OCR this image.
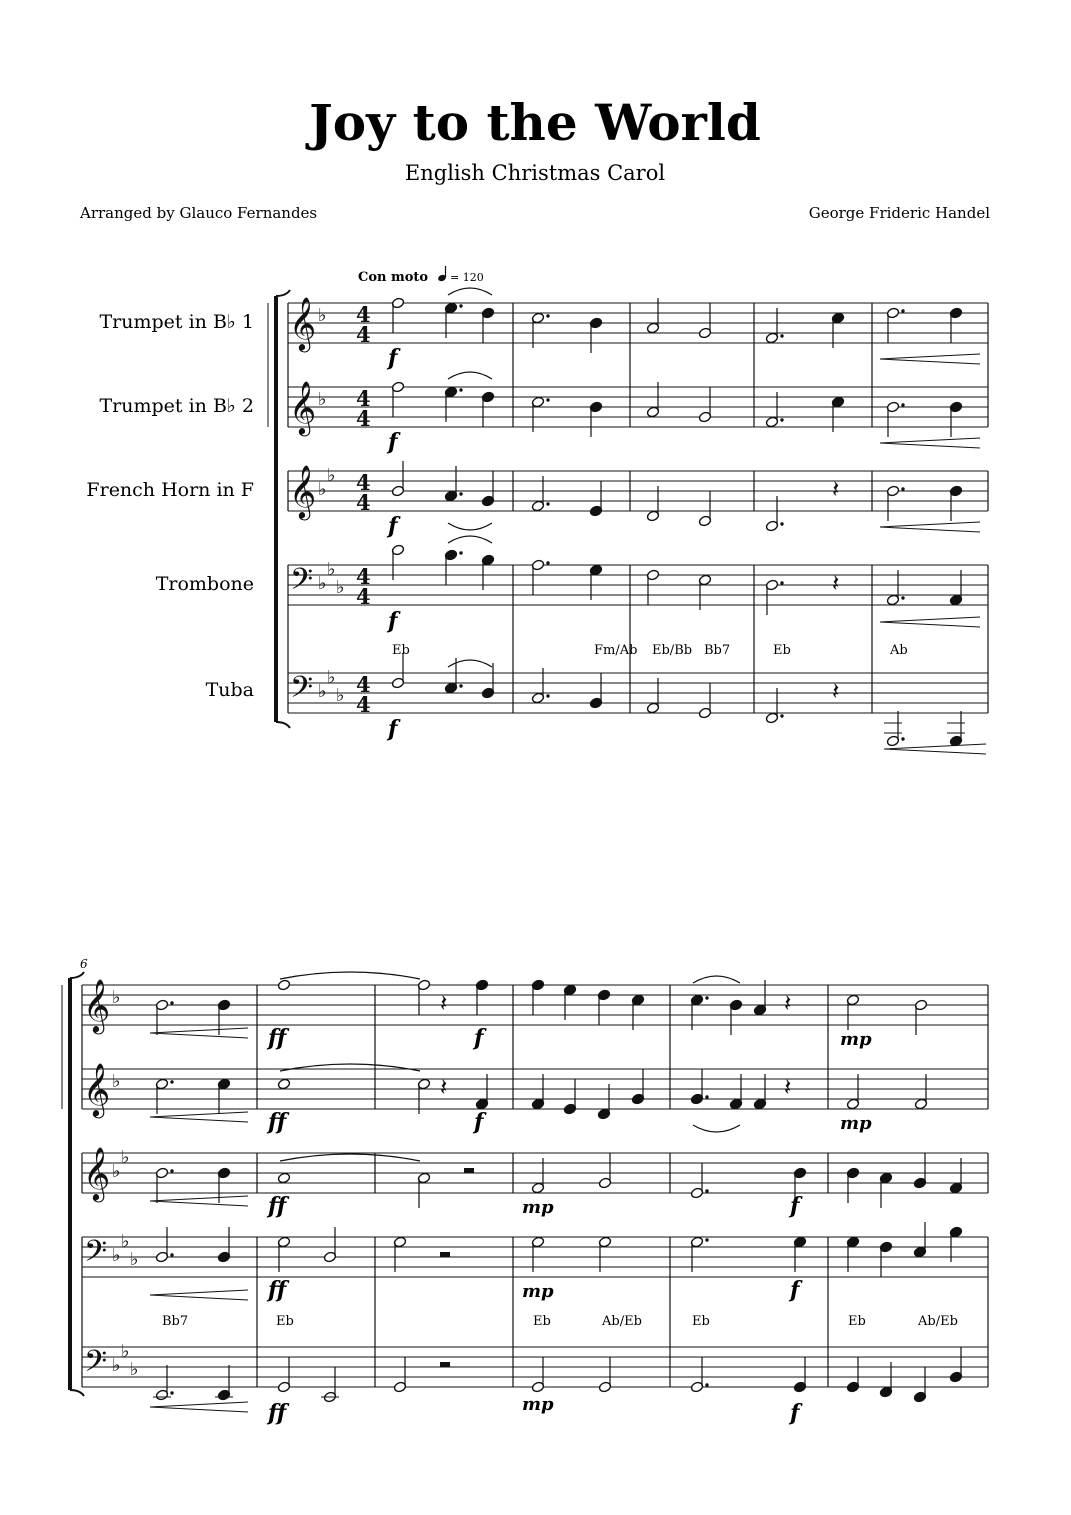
Joy to the World
English Christmas Carol
Arranged by Glauco Fernandes	George Frideric Handel
Con moto = 120
Trumpet in B♭ 1
Trumpet in B♭ 2
French Horn in F
Trombone
Tuba
6
Eb	Fm/Ab Eb/Bb Bb7	Eb	Ab
Bb7	Eb	Eb	Ab/Eb	Eb	Eb	Ab/Eb
f
f
f
f
f
ff	f	mp
ff	f	mp
ff	mp	f
ff	mp	f
ff	mp	f
𝄞 ♭ 4
4
𝄞 ♭ 4
4
𝄞 ♭
♭ 4
4
𝄢 ♭
♭
♭ 4
4
𝄢 ♭
♭
♭ 4
4
𝄽
𝄽
𝄽
𝄞 ♭
𝄞 ♭
𝄞 ♭
♭
𝄢 ♭
♭
♭
𝄢 ♭
♭
♭
𝄽	𝄽
𝄽	𝄽
